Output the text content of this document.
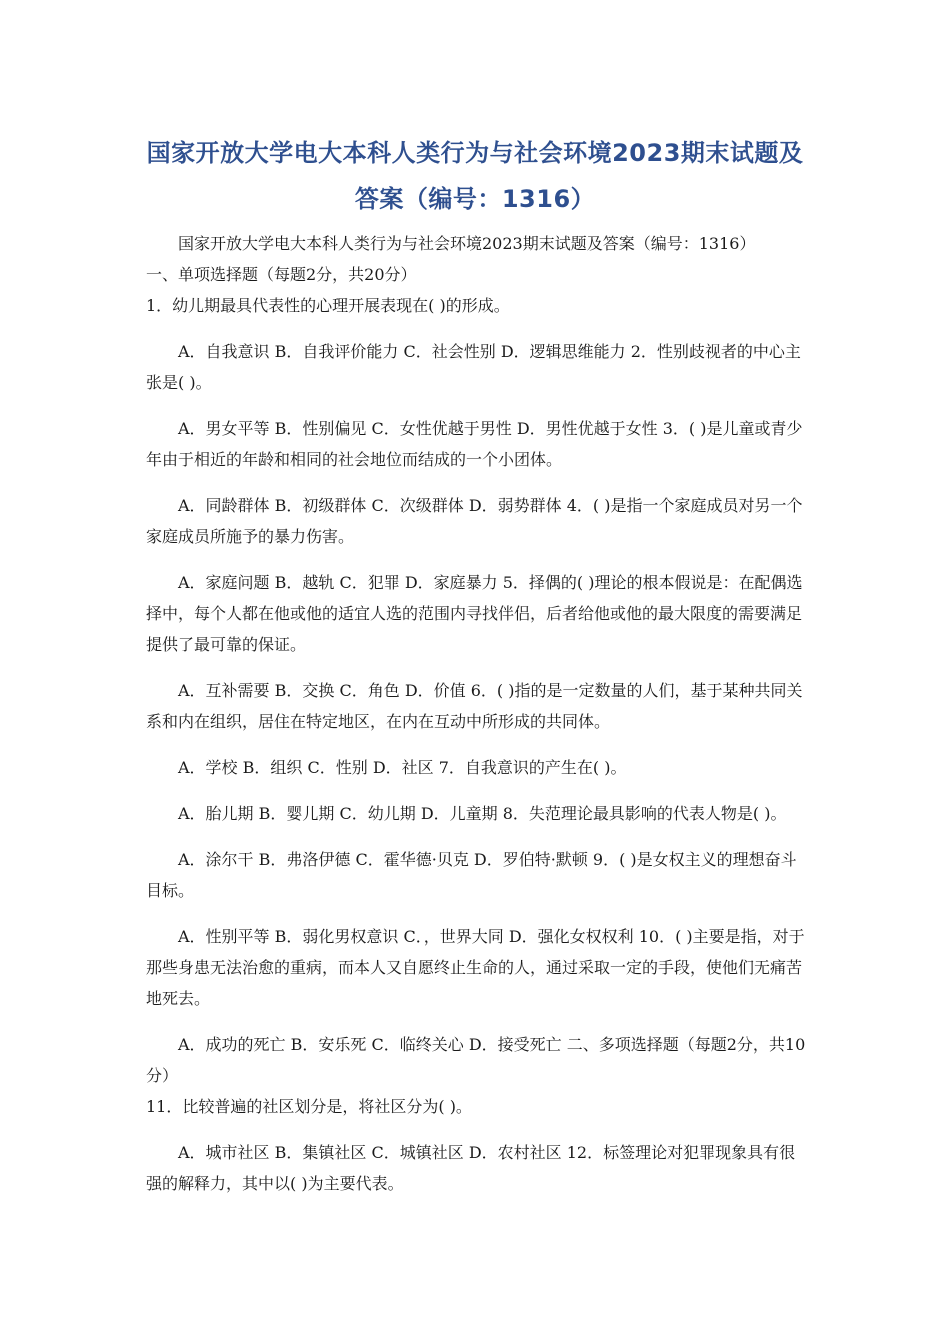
国家开放大学电大本科人类行为与社会环境2023期末试题及答案（编号：1316）

国家开放大学电大本科人类行为与社会环境2023期末试题及答案（编号：1316）

一、单项选择题（每题2分，共20分）

1．幼儿期最具代表性的心理开展表现在( )的形成。

A．自我意识 B．自我评价能力 C．社会性别 D．逻辑思维能力 2．性别歧视者的中心主张是( )。

A．男女平等 B．性别偏见 C．女性优越于男性 D．男性优越于女性 3．( )是儿童或青少年由于相近的年龄和相同的社会地位而结成的一个小团体。

A．同龄群体 B．初级群体 C．次级群体 D．弱势群体 4．( )是指一个家庭成员对另一个家庭成员所施予的暴力伤害。

A．家庭问题 B．越轨 C．犯罪 D．家庭暴力 5．择偶的( )理论的根本假说是：在配偶选择中，每个人都在他或他的适宜人选的范围内寻找伴侣，后者给他或他的最大限度的需要满足提供了最可靠的保证。

A．互补需要 B．交换 C．角色 D．价值 6．( )指的是一定数量的人们，基于某种共同关系和内在组织，居住在特定地区，在内在互动中所形成的共同体。

A．学校 B．组织 C．性别 D．社区 7．自我意识的产生在( )。

A．胎儿期 B．婴儿期 C．幼儿期 D．儿童期 8．失范理论最具影响的代表人物是( )。

A．涂尔干 B．弗洛伊德 C．霍华德·贝克 D．罗伯特·默顿 9．( )是女权主义的理想奋斗目标。

A．性别平等 B．弱化男权意识 C．，世界大同 D．强化女权权利 10．( )主要是指，对于那些身患无法治愈的重病，而本人又自愿终止生命的人，通过采取一定的手段，使他们无痛苦地死去。

A．成功的死亡 B．安乐死 C．临终关心 D．接受死亡 二、多项选择题（每题2分，共10分）

11．比较普遍的社区划分是，将社区分为( )。

A．城市社区 B．集镇社区 C．城镇社区 D．农村社区 12．标签理论对犯罪现象具有很强的解释力，其中以( )为主要代表。
